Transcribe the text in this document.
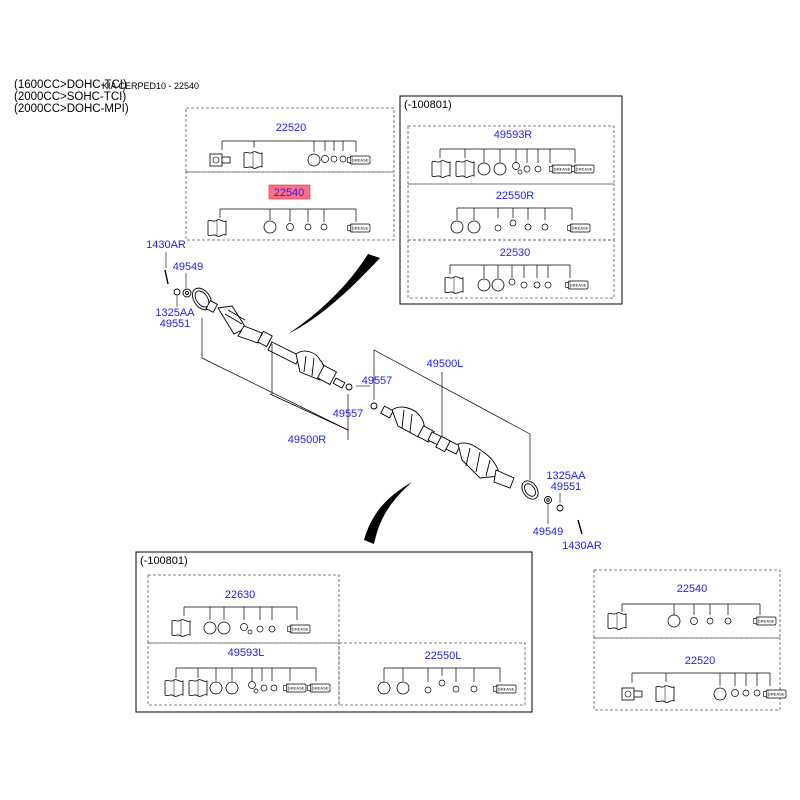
(1600CC>DOHC-TCI)
(2000CC>SOHC-TCI)
(2000CC>DOHC-MPI)
KIA CERPED10 - 22540
22520
22540
GREASE
GREASE
(-100801)
49593R
GREASE GREASE
22550R
GREASE
22530
GREASE
1430AR
49549
1325AA
49551
49557
49557
49500R
49500L
1325AA
49551
49549
1430AR
(-100801)
22630
GREASE
49593L
GREASE GREASE
22550L
GREASE
22540
GREASE
22520
GREASE
